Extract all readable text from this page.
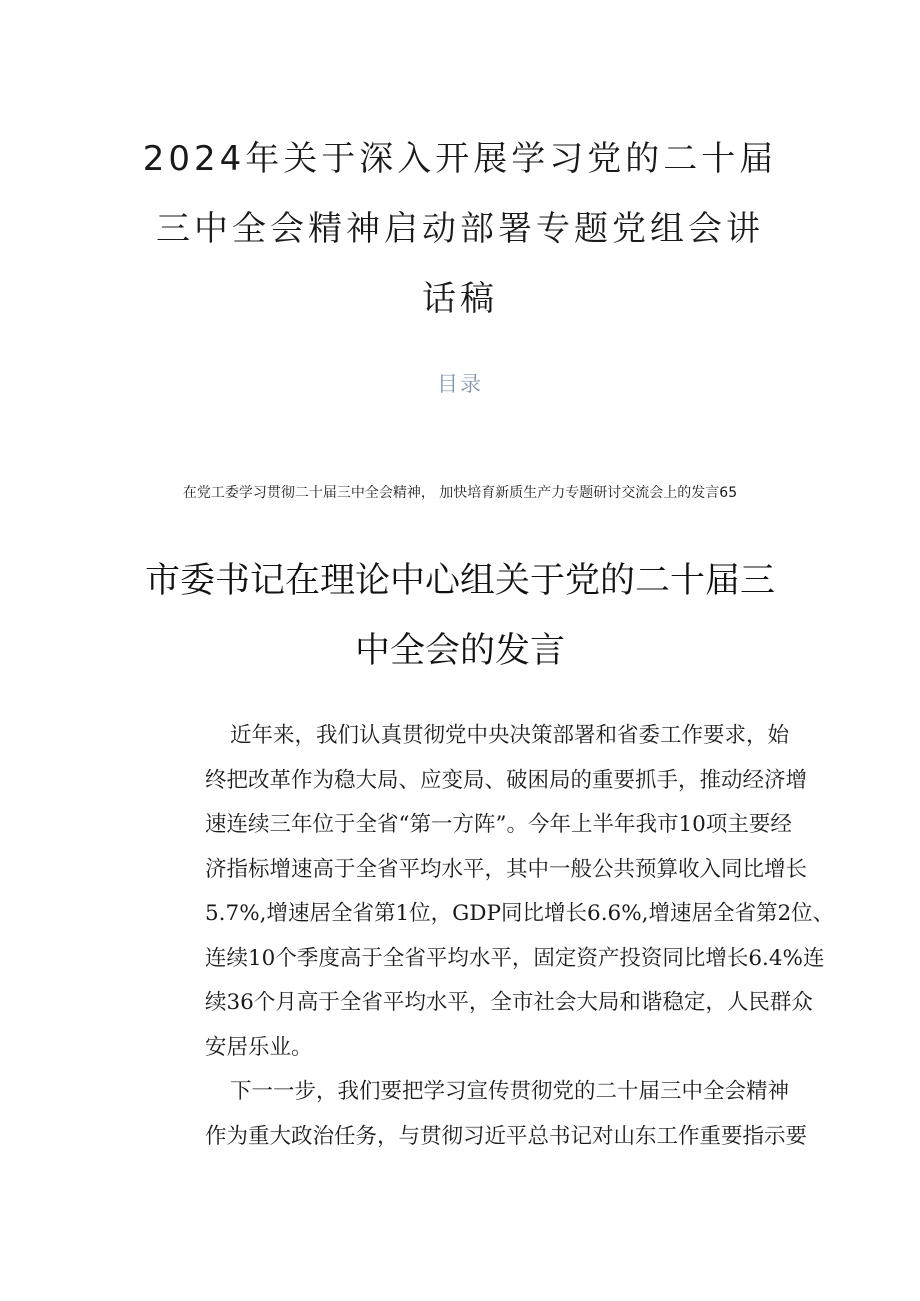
2024年关于深入开展学习党的二十届
三中全会精神启动部署专题党组会讲
话稿
目录
在党工委学习贯彻二十届三中全会精神， 加快培育新质生产力专题研讨交流会上的发言65
市委书记在理论中心组关于党的二十届三
中全会的发言
近年来，我们认真贯彻党中央决策部署和省委工作要求，始
终把改革作为稳大局、应变局、破困局的重要抓手，推动经济增
速连续三年位于全省“第一方阵”。今年上半年我市10项主要经
济指标增速高于全省平均水平，其中一般公共预算收入同比增长
5.7%,增速居全省第1位，GDP同比增长6.6%,增速居全省第2位、
连续10个季度高于全省平均水平，固定资产投资同比增长6.4%连
续36个月高于全省平均水平，全市社会大局和谐稳定，人民群众
安居乐业。
下一一步，我们要把学习宣传贯彻党的二十届三中全会精神
作为重大政治任务，与贯彻习近平总书记对山东工作重要指示要
